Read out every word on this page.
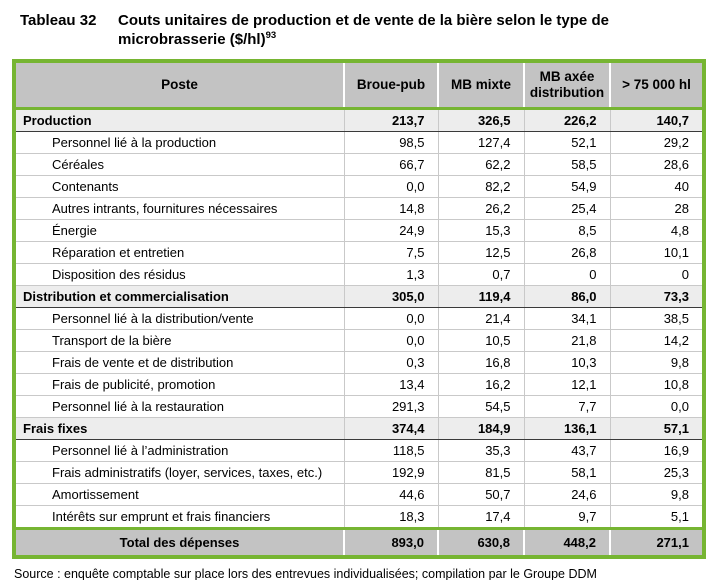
Tableau 32	Couts unitaires de production et de vente de la bière selon le type de microbrasserie ($/hl)$^{93}$
Poste	Broue-pub	MB mixte	MB axée distribution	> 75 000 hl
Production	213,7	326,5	226,2	140,7
Personnel lié à la production	98,5	127,4	52,1	29,2
Céréales	66,7	62,2	58,5	28,6
Contenants	0,0	82,2	54,9	40
Autres intrants, fournitures nécessaires	14,8	26,2	25,4	28
Énergie	24,9	15,3	8,5	4,8
Réparation et entretien	7,5	12,5	26,8	10,1
Disposition des résidus	1,3	0,7	0	0
Distribution et commercialisation	305,0	119,4	86,0	73,3
Personnel lié à la distribution/vente	0,0	21,4	34,1	38,5
Transport de la bière	0,0	10,5	21,8	14,2
Frais de vente et de distribution	0,3	16,8	10,3	9,8
Frais de publicité, promotion	13,4	16,2	12,1	10,8
Personnel lié à la restauration	291,3	54,5	7,7	0,0
Frais fixes	374,4	184,9	136,1	57,1
Personnel lié à l’administration	118,5	35,3	43,7	16,9
Frais administratifs (loyer, services, taxes, etc.)	192,9	81,5	58,1	25,3
Amortissement	44,6	50,7	24,6	9,8
Intérêts sur emprunt et frais financiers	18,3	17,4	9,7	5,1
Total des dépenses	893,0	630,8	448,2	271,1
Source : enquête comptable sur place lors des entrevues individualisées; compilation par le Groupe DDM
